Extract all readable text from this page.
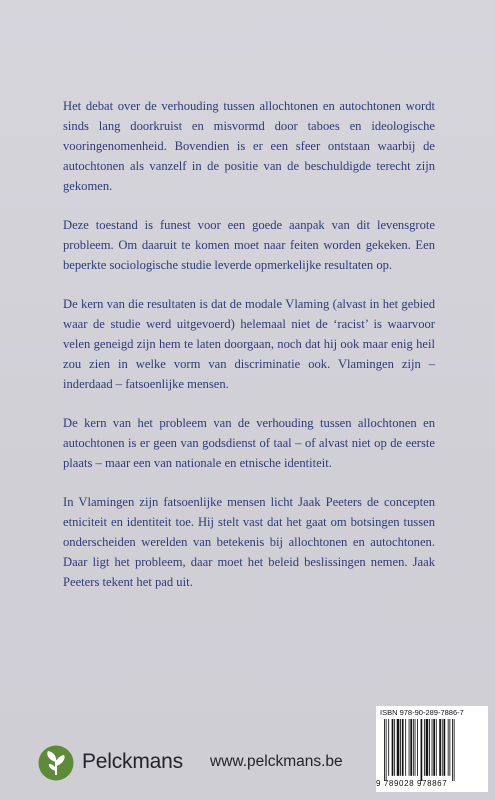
Het debat over de verhouding tussen allochtonen en autochtonen wordt sinds lang doorkruist en misvormd door taboes en ideologische vooringenomenheid. Bovendien is er een sfeer ontstaan waarbij de autochtonen als vanzelf in de positie van de beschuldigde terecht zijn gekomen.

Deze toestand is funest voor een goede aanpak van dit levensgrote probleem. Om daaruit te komen moet naar feiten worden gekeken. Een beperkte sociologische studie leverde opmerkelijke resultaten op.

De kern van die resultaten is dat de modale Vlaming (alvast in het gebied waar de studie werd uitgevoerd) helemaal niet de ‘racist’ is waarvoor velen geneigd zijn hem te laten doorgaan, noch dat hij ook maar enig heil zou zien in welke vorm van discriminatie ook. Vlamingen zijn – inderdaad – fatsoenlijke mensen.

De kern van het probleem van de verhouding tussen allochtonen en autochtonen is er geen van godsdienst of taal – of alvast niet op de eerste plaats – maar een van nationale en etnische identiteit.

In Vlamingen zijn fatsoenlijke mensen licht Jaak Peeters de concepten etniciteit en identiteit toe. Hij stelt vast dat het gaat om botsingen tussen onderscheiden werelden van betekenis bij allochtonen en autochtonen. Daar ligt het probleem, daar moet het beleid beslissingen nemen. Jaak Peeters tekent het pad uit.

Pelckmans www.pelckmans.be
ISBN 978-90-289-7886-7
9 789028 978867
